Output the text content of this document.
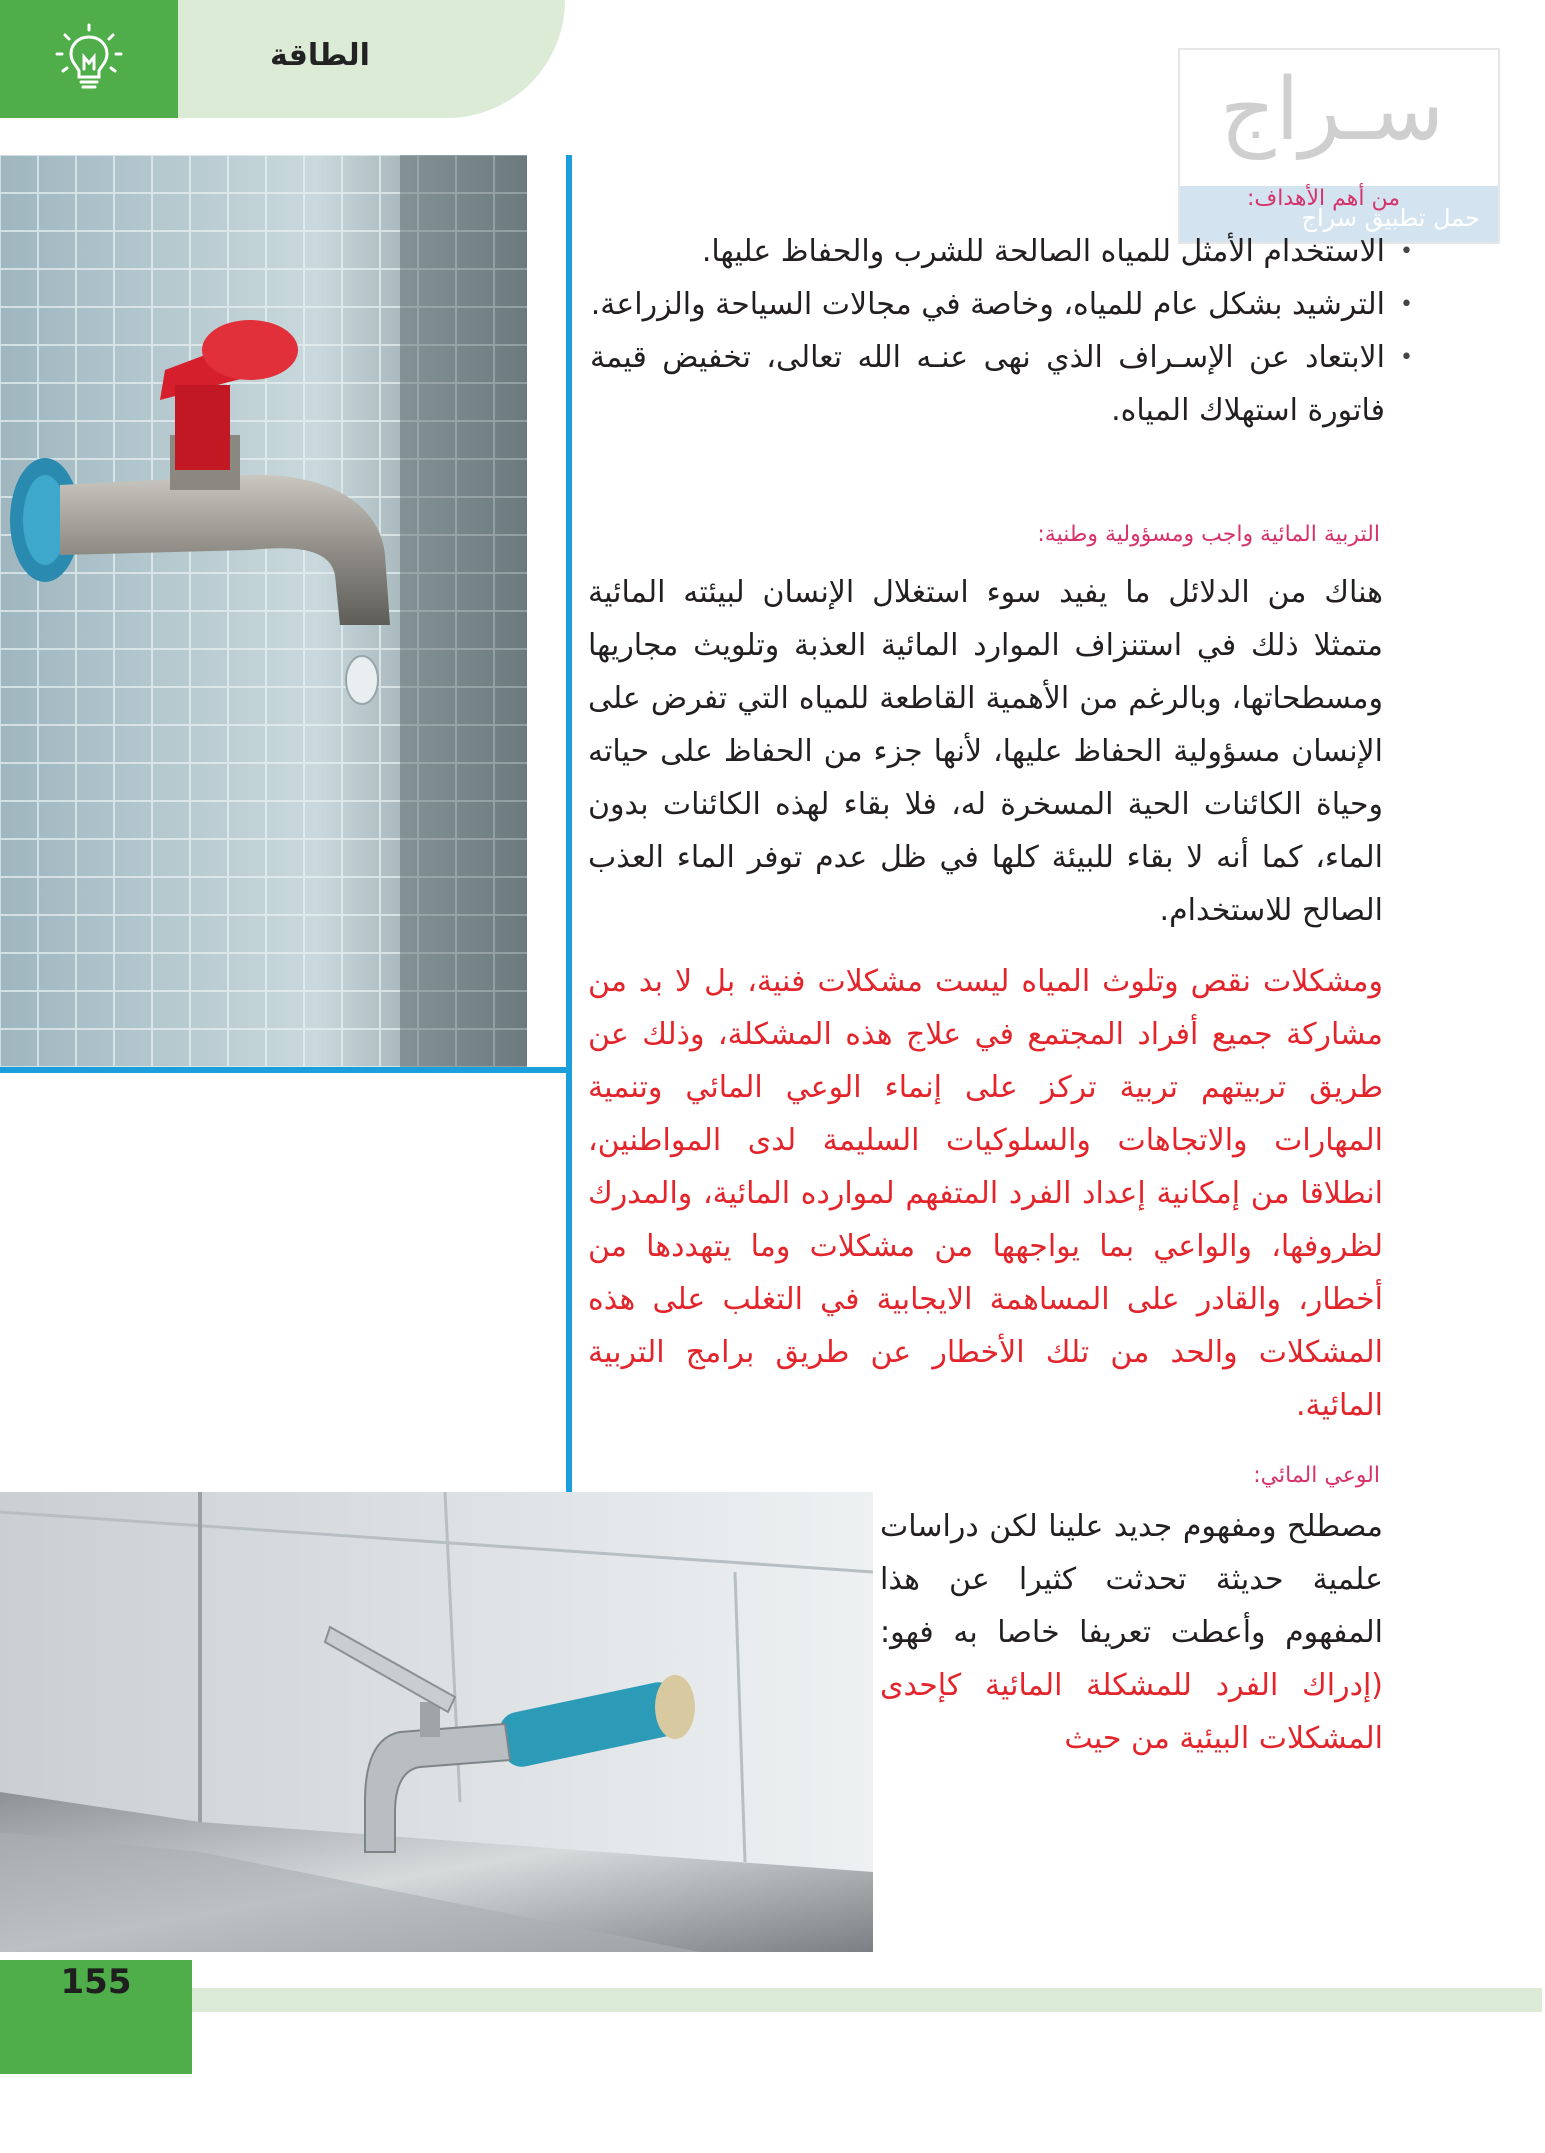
الطاقة
سـراج
حمل تطبيق سراج
من أهم الأهداف:
• الاستخدام الأمثل للمياه الصالحة للشرب والحفاظ عليها.
• الترشيد بشكل عام للمياه، وخاصة في مجالات السياحة والزراعة.
• الابتعاد عن الإسـراف الذي نهى عنـه الله تعالى، تخفيض قيمة فاتورة استهلاك المياه.
التربية المائية واجب ومسؤولية وطنية:

هناك من الدلائل ما يفيد سوء استغلال الإنسان لبيئته المائية متمثلا ذلك في استنزاف الموارد المائية العذبة وتلويث مجاريها ومسطحاتها، وبالرغم من الأهمية القاطعة للمياه التي تفرض على الإنسان مسؤولية الحفاظ عليها، لأنها جزء من الحفاظ على حياته وحياة الكائنات الحية المسخرة له، فلا بقاء لهذه الكائنات بدون الماء، كما أنه لا بقاء للبيئة كلها في ظل عدم توفر الماء العذب الصالح للاستخدام.

ومشكلات نقص وتلوث المياه ليست مشكلات فنية، بل لا بد من مشاركة جميع أفراد المجتمع في علاج هذه المشكلة، وذلك عن طريق تربيتهم تربية تركز على إنماء الوعي المائي وتنمية المهارات والاتجاهات والسلوكيات السليمة لدى المواطنين، انطلاقا من إمكانية إعداد الفرد المتفهم لموارده المائية، والمدرك لظروفها، والواعي بما يواجهها من مشكلات وما يتهددها من أخطار، والقادر على المساهمة الايجابية في التغلب على هذه المشكلات والحد من تلك الأخطار عن طريق برامج التربية المائية.

الوعي المائي:

مصطلح ومفهوم جديد علينا لكن دراسات علمية حديثة تحدثت كثيرا عن هذا المفهوم وأعطت تعريفا خاصا به فهو: (إدراك الفرد للمشكلة المائية كإحدى المشكلات البيئية من حيث

155
